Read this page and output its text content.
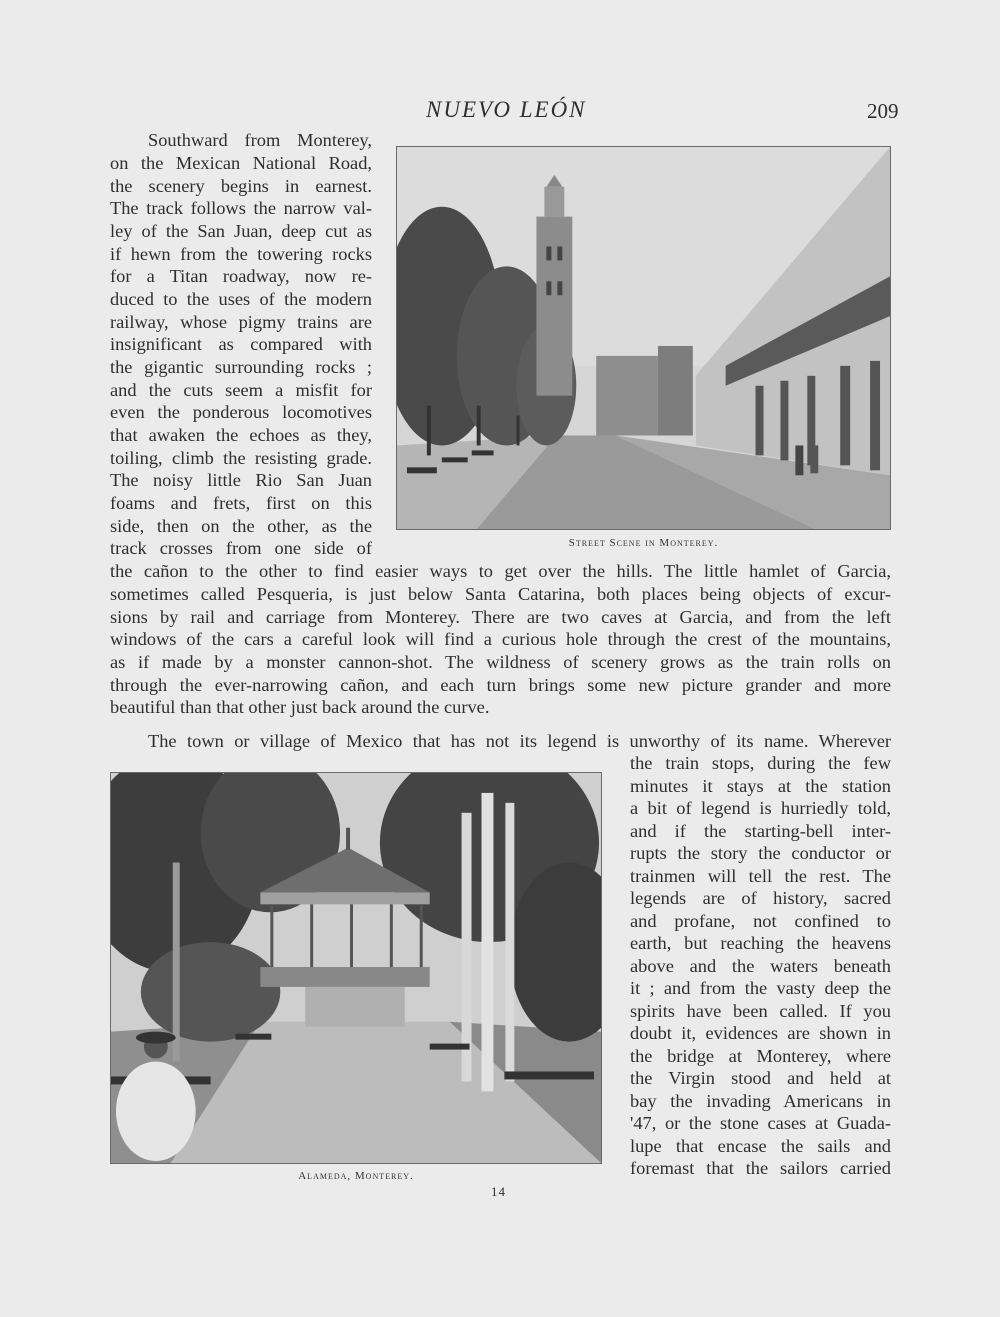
NUEVO LEÓN	209
Street Scene in Monterey.
Southward from Monterey,
on the Mexican National Road,
the scenery begins in earnest.
The track follows the narrow val-
ley of the San Juan, deep cut as
if hewn from the towering rocks
for a Titan roadway, now re-
duced to the uses of the modern
railway, whose pigmy trains are
insignificant as compared with
the gigantic surrounding rocks ;
and the cuts seem a misfit for
even the ponderous locomotives
that awaken the echoes as they,
toiling, climb the resisting grade.
The noisy little Rio San Juan
foams and frets, first on this
side, then on the other, as the
track crosses from one side of
the cañon to the other to find easier ways to get over the hills. The little hamlet of Garcia,
sometimes called Pesqueria, is just below Santa Catarina, both places being objects of excur-
sions by rail and carriage from Monterey. There are two caves at Garcia, and from the left
windows of the cars a careful look will find a curious hole through the crest of the mountains,
as if made by a monster cannon-shot. The wildness of scenery grows as the train rolls on
through the ever-narrowing cañon, and each turn brings some new picture grander and more
beautiful than that other just back around the curve.
Alameda, Monterey.
The town or village of Mexico that has not its legend is unworthy of its name. Wherever
the train stops, during the few
minutes it stays at the station
a bit of legend is hurriedly told,
and if the starting-bell inter-
rupts the story the conductor or
trainmen will tell the rest. The
legends are of history, sacred
and profane, not confined to
earth, but reaching the heavens
above and the waters beneath
it ; and from the vasty deep the
spirits have been called. If you
doubt it, evidences are shown in
the bridge at Monterey, where
the Virgin stood and held at
bay the invading Americans in
'47, or the stone cases at Guada-
lupe that encase the sails and
foremast that the sailors carried
14
